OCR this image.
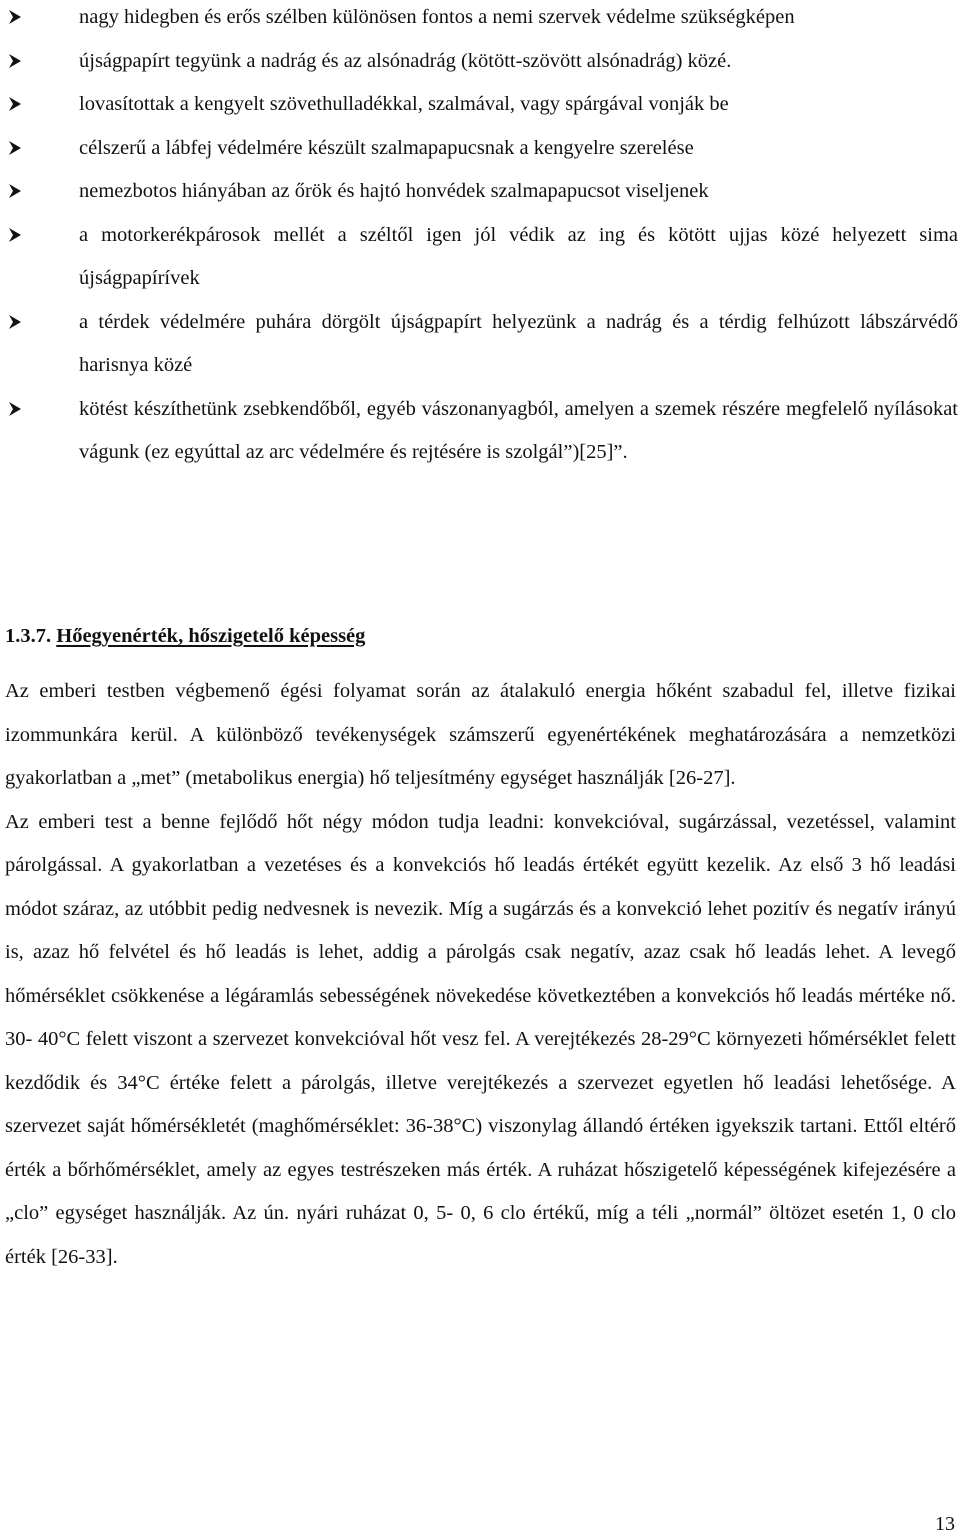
nagy hidegben és erős szélben különösen fontos a nemi szervek védelme szükségképen
újságpapírt tegyünk a nadrág és az alsónadrág (kötött-szövött alsónadrág) közé.
lovasítottak a kengyelt szövethulladékkal, szalmával, vagy spárgával vonják be
célszerű a lábfej védelmére készült szalmapapucsnak a kengyelre szerelése
nemezbotos hiányában az őrök és hajtó honvédek szalmapapucsot viseljenek
a motorkerékpárosok mellét a széltől igen jól védik az ing és kötött ujjas közé helyezett sima újságpapírívek
a térdek védelmére puhára dörgölt újságpapírt helyezünk a nadrág és a térdig felhúzott lábszárvédő harisnya közé
kötést készíthetünk zsebkendőből, egyéb vászonanyagból, amelyen a szemek részére megfelelő nyílásokat vágunk (ez egyúttal az arc védelmére és rejtésére is szolgál”)[25]”.
1.3.7. Hőegyenérték, hőszigetelő képesség

Az emberi testben végbemenő égési folyamat során az átalakuló energia hőként szabadul fel, illetve fizikai izommunkára kerül. A különböző tevékenységek számszerű egyenértékének meghatározására a nemzetközi gyakorlatban a „met” (metabolikus energia) hő teljesítmény egységet használják [26-27].

Az emberi test a benne fejlődő hőt négy módon tudja leadni: konvekcióval, sugárzással, vezetéssel, valamint párolgással. A gyakorlatban a vezetéses és a konvekciós hő leadás értékét együtt kezelik. Az első 3 hő leadási módot száraz, az utóbbit pedig nedvesnek is nevezik. Míg a sugárzás és a konvekció lehet pozitív és negatív irányú is, azaz hő felvétel és hő leadás is lehet, addig a párolgás csak negatív, azaz csak hő leadás lehet. A levegő hőmérséklet csökkenése a légáramlás sebességének növekedése következtében a konvekciós hő leadás mértéke nő. 30- 40°C felett viszont a szervezet konvekcióval hőt vesz fel. A verejtékezés 28-29°C környezeti hőmérséklet felett kezdődik és 34°C értéke felett a párolgás, illetve verejtékezés a szervezet egyetlen hő leadási lehetősége. A szervezet saját hőmérsékletét (maghőmérséklet: 36-38°C) viszonylag állandó értéken igyekszik tartani. Ettől eltérő érték a bőrhőmérséklet, amely az egyes testrészeken más érték. A ruházat hőszigetelő képességének kifejezésére a „clo” egységet használják. Az ún. nyári ruházat 0, 5- 0, 6 clo értékű, míg a téli „normál” öltözet esetén 1, 0 clo érték [26-33].

13
